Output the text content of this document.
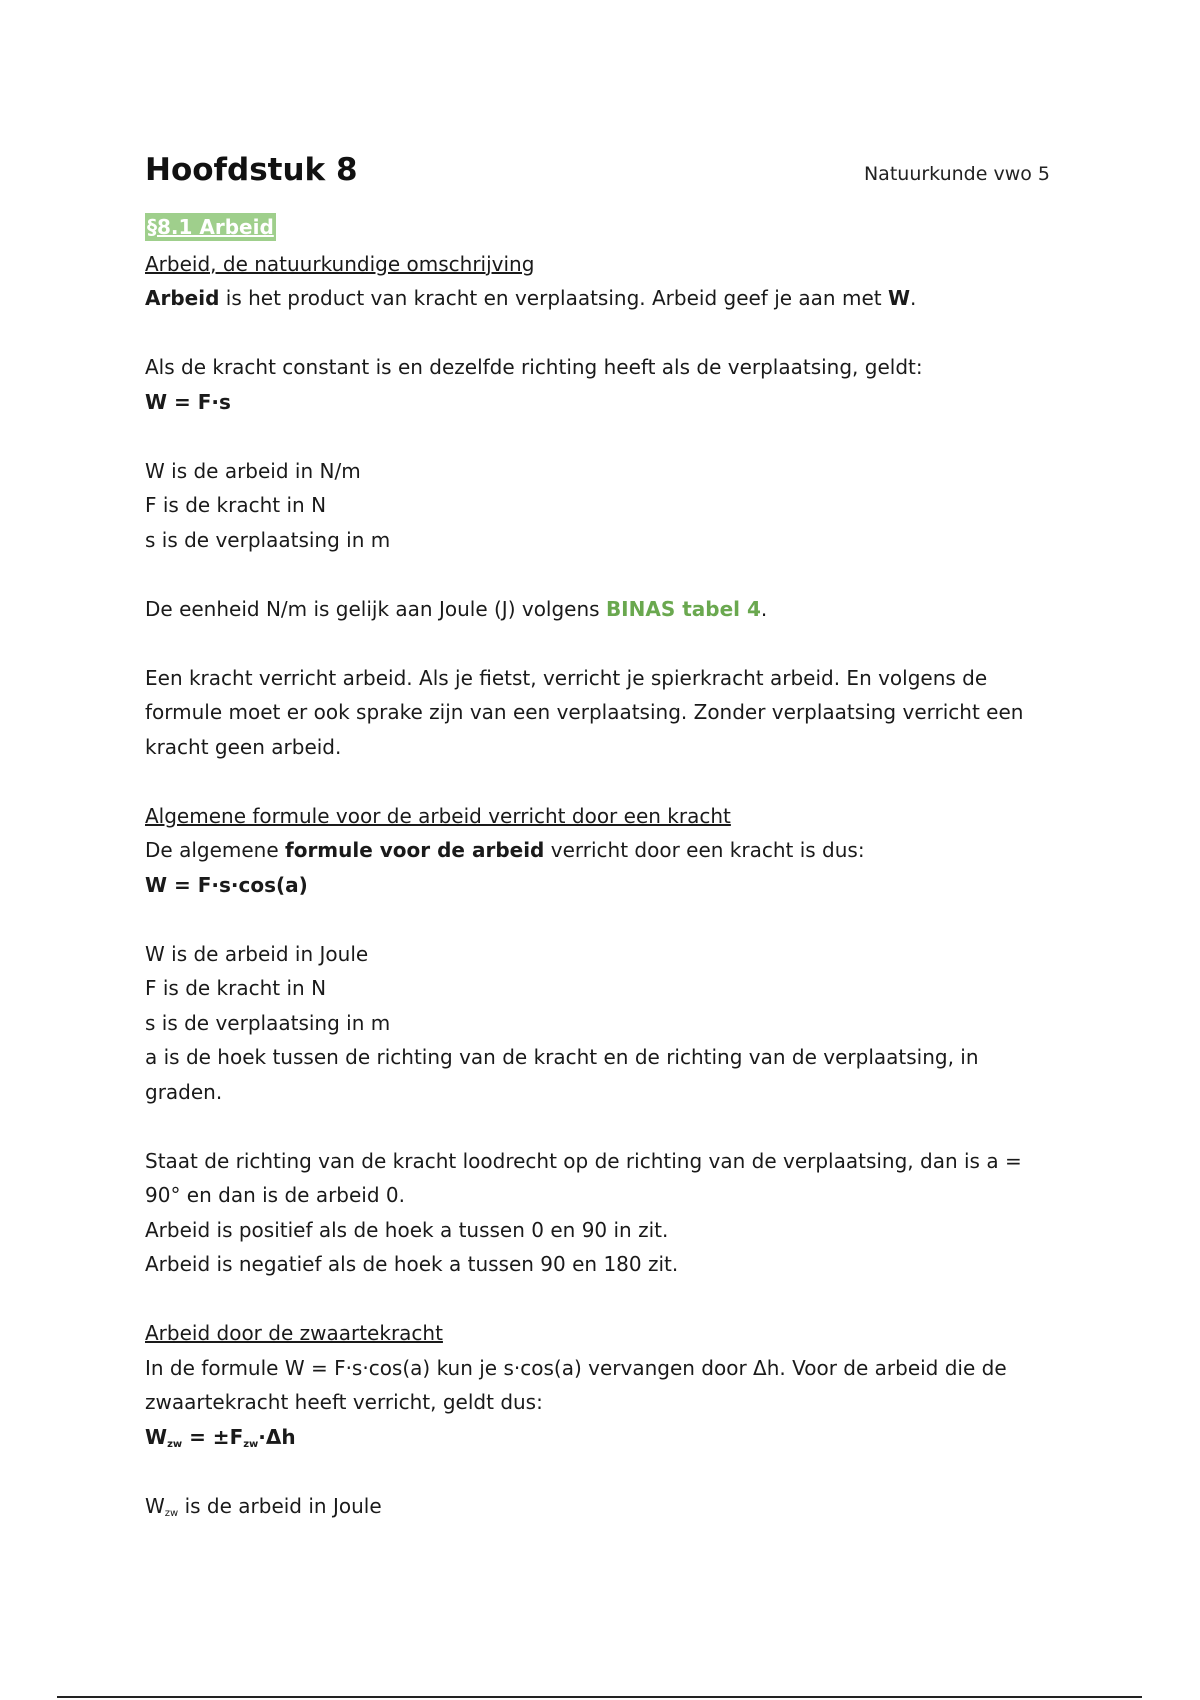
Hoofdstuk 8	Natuurkunde vwo 5
§8.1 Arbeid
Arbeid, de natuurkundige omschrijving
Arbeid is het product van kracht en verplaatsing. Arbeid geef je aan met W.
Als de kracht constant is en dezelfde richting heeft als de verplaatsing, geldt:
W = F·s
W is de arbeid in N/m
F is de kracht in N
s is de verplaatsing in m
De eenheid N/m is gelijk aan Joule (J) volgens BINAS tabel 4.
Een kracht verricht arbeid. Als je fietst, verricht je spierkracht arbeid. En volgens de
formule moet er ook sprake zijn van een verplaatsing. Zonder verplaatsing verricht een
kracht geen arbeid.
Algemene formule voor de arbeid verricht door een kracht
De algemene formule voor de arbeid verricht door een kracht is dus:
W = F·s·cos(a)
W is de arbeid in Joule
F is de kracht in N
s is de verplaatsing in m
a is de hoek tussen de richting van de kracht en de richting van de verplaatsing, in
graden.
Staat de richting van de kracht loodrecht op de richting van de verplaatsing, dan is a =
90° en dan is de arbeid 0.
Arbeid is positief als de hoek a tussen 0 en 90 in zit.
Arbeid is negatief als de hoek a tussen 90 en 180 zit.
Arbeid door de zwaartekracht
In de formule W = F·s·cos(a) kun je s·cos(a) vervangen door Δh. Voor de arbeid die de
zwaartekracht heeft verricht, geldt dus:
$W_{zw} = \pm F_{zw}\cdot\Delta h$
$W_{zw}$ is de arbeid in Joule
